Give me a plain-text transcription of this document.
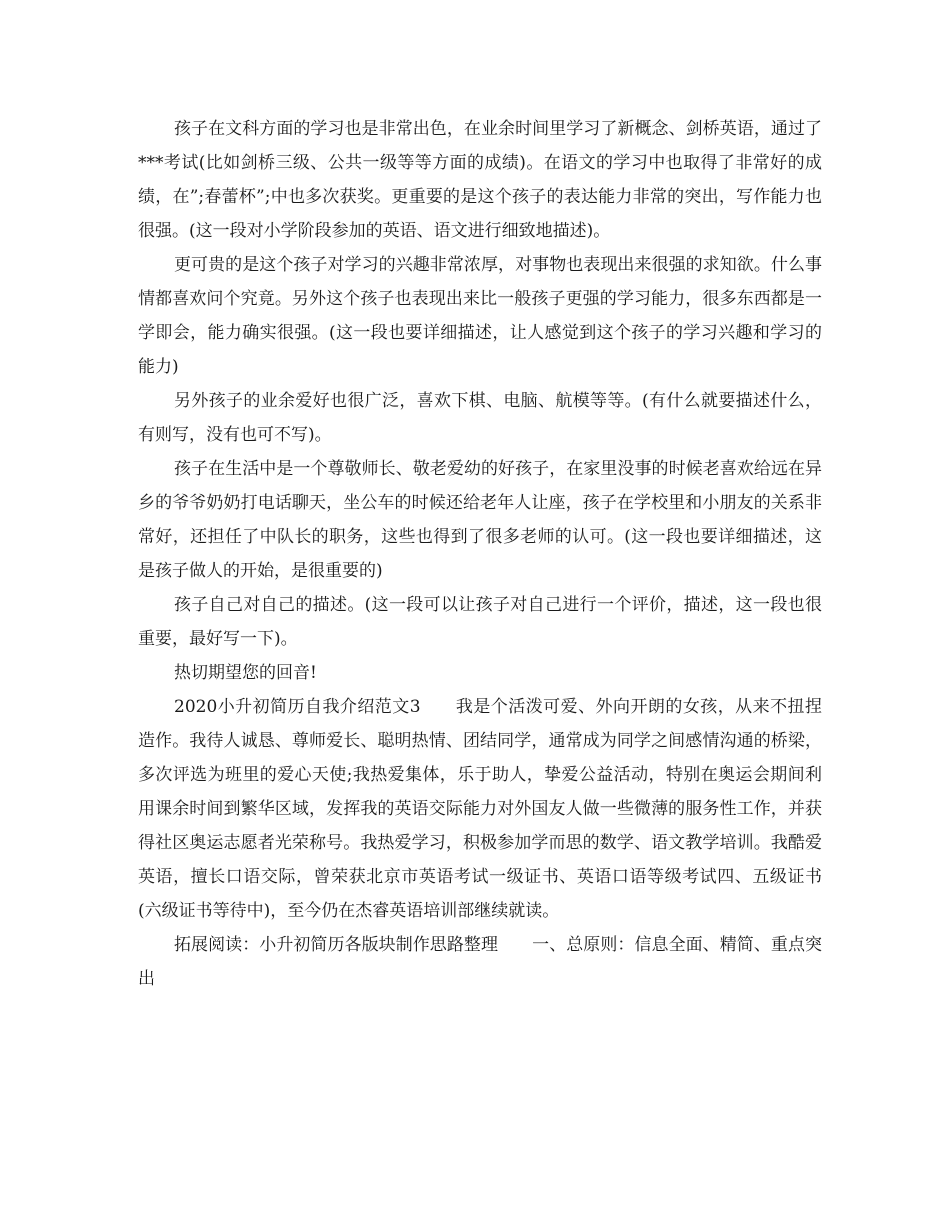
孩子在文科方面的学习也是非常出色，在业余时间里学习了新概念、剑桥英语，通过了***考试(比如剑桥三级、公共一级等等方面的成绩)。在语文的学习中也取得了非常好的成绩，在”;春蕾杯”;中也多次获奖。更重要的是这个孩子的表达能力非常的突出，写作能力也很强。(这一段对小学阶段参加的英语、语文进行细致地描述)。

更可贵的是这个孩子对学习的兴趣非常浓厚，对事物也表现出来很强的求知欲。什么事情都喜欢问个究竟。另外这个孩子也表现出来比一般孩子更强的学习能力，很多东西都是一学即会，能力确实很强。(这一段也要详细描述，让人感觉到这个孩子的学习兴趣和学习的能力)

另外孩子的业余爱好也很广泛，喜欢下棋、电脑、航模等等。(有什么就要描述什么，有则写，没有也可不写)。

孩子在生活中是一个尊敬师长、敬老爱幼的好孩子，在家里没事的时候老喜欢给远在异乡的爷爷奶奶打电话聊天，坐公车的时候还给老年人让座，孩子在学校里和小朋友的关系非常好，还担任了中队长的职务，这些也得到了很多老师的认可。(这一段也要详细描述，这是孩子做人的开始，是很重要的)

孩子自己对自己的描述。(这一段可以让孩子对自己进行一个评价，描述，这一段也很重要，最好写一下)。

热切期望您的回音!

2020小升初简历自我介绍范文3　　我是个活泼可爱、外向开朗的女孩，从来不扭捏造作。我待人诚恳、尊师爱长、聪明热情、团结同学，通常成为同学之间感情沟通的桥梁，多次评选为班里的爱心天使;我热爱集体，乐于助人，挚爱公益活动，特别在奥运会期间利用课余时间到繁华区域，发挥我的英语交际能力对外国友人做一些微薄的服务性工作，并获得社区奥运志愿者光荣称号。我热爱学习，积极参加学而思的数学、语文教学培训。我酷爱英语，擅长口语交际，曾荣获北京市英语考试一级证书、英语口语等级考试四、五级证书(六级证书等待中)，至今仍在杰睿英语培训部继续就读。

拓展阅读：小升初简历各版块制作思路整理　　一、总原则：信息全面、精简、重点突出
